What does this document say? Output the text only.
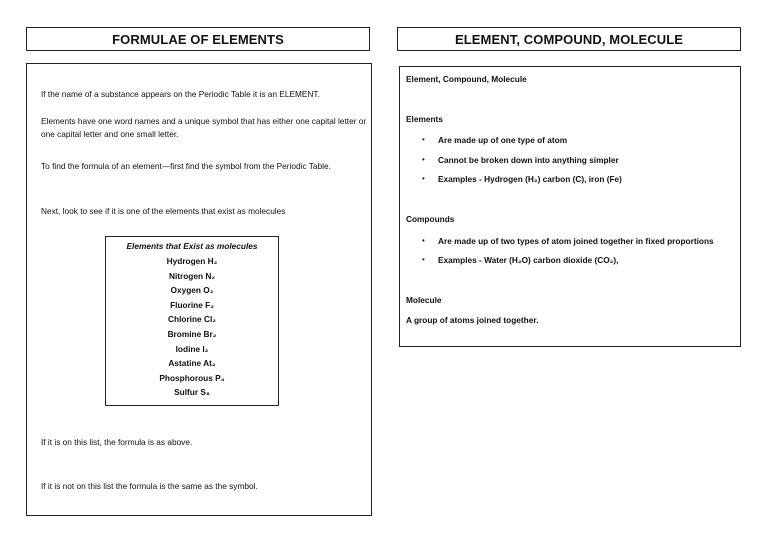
FORMULAE OF ELEMENTS

If the name of a substance appears on the Periodic Table it is an ELEMENT.

Elements have one word names and a unique symbol that has either one capital letter or one capital letter and one small letter.

To find the formula of an element—first find the symbol from the Periodic Table.

Next, look to see if it is one of the elements that exist as molecules

Elements that Exist as molecules
Hydrogen H₂
Nitrogen N₂
Oxygen O₂
Fluorine F₂
Chlorine Cl₂
Bromine Br₂
Iodine I₂
Astatine At₂
Phosphorous P₄
Sulfur S₈

If it is on this list, the formula is as above.

If it is not on this list the formula is the same as the symbol.

ELEMENT, COMPOUND, MOLECULE

Element, Compound, Molecule

Elements

• Are made up of one type of atom
• Cannot be broken down into anything simpler
• Examples - Hydrogen (H₂) carbon (C), iron (Fe)

Compounds

• Are made up of two types of atom joined together in fixed proportions
• Examples - Water (H₂O) carbon dioxide (CO₂),

Molecule

A group of atoms joined together.
